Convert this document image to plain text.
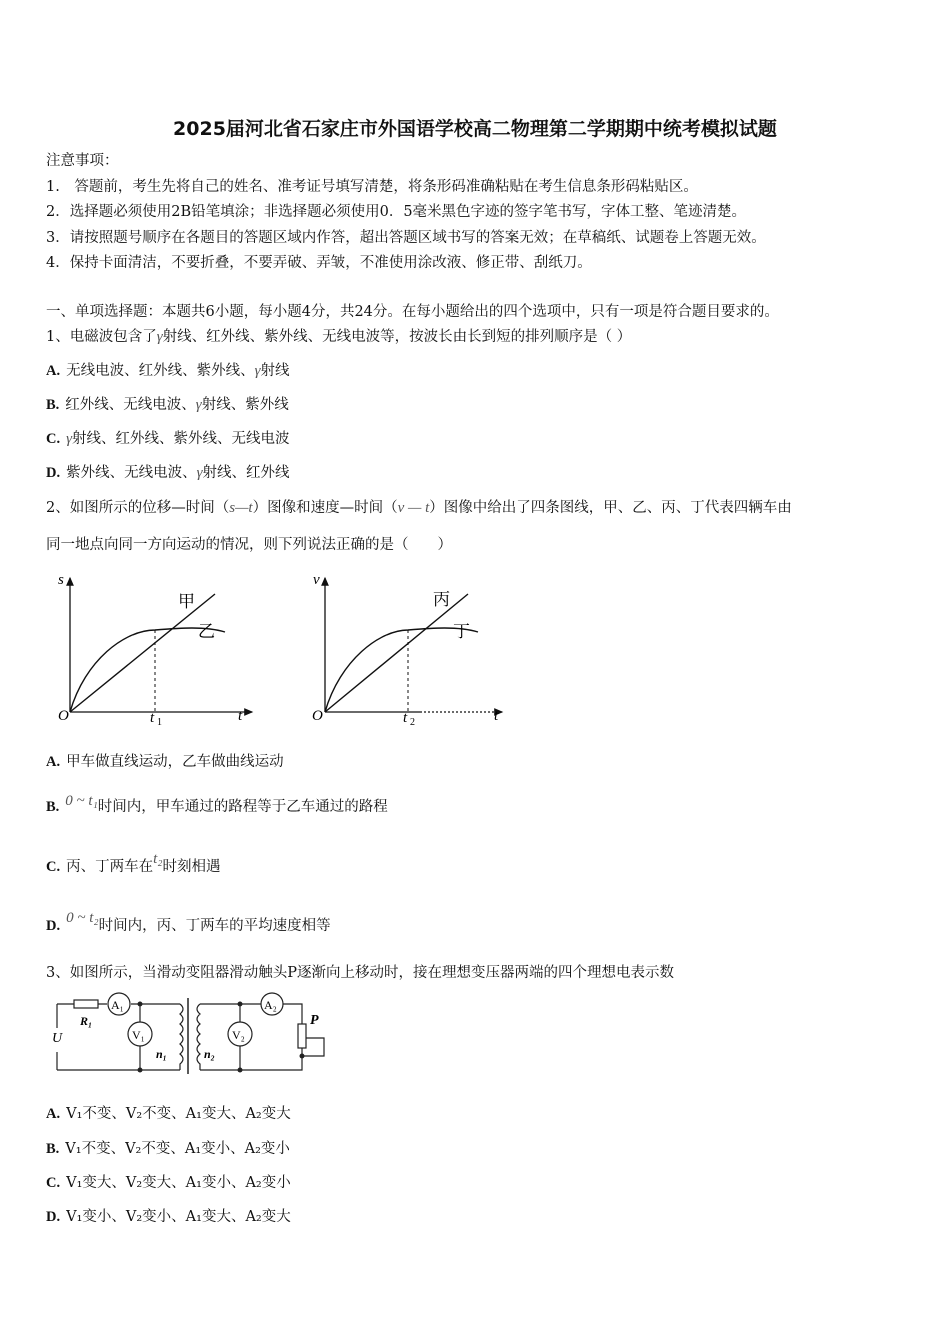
2025届河北省石家庄市外国语学校高二物理第二学期期中统考模拟试题
注意事项：
1.　答题前，考生先将自己的姓名、准考证号填写清楚，将条形码准确粘贴在考生信息条形码粘贴区。
2．选择题必须使用2B铅笔填涂；非选择题必须使用0．5毫米黑色字迹的签字笔书写，字体工整、笔迹清楚。
3．请按照题号顺序在各题目的答题区域内作答，超出答题区域书写的答案无效；在草稿纸、试题卷上答题无效。
4．保持卡面清洁，不要折叠，不要弄破、弄皱，不准使用涂改液、修正带、刮纸刀。
一、单项选择题：本题共6小题，每小题4分，共24分。在每小题给出的四个选项中，只有一项是符合题目要求的。
1、电磁波包含了γ射线、红外线、紫外线、无线电波等，按波长由长到短的排列顺序是（ ）
A. 无线电波、红外线、紫外线、γ射线
B. 红外线、无线电波、γ射线、紫外线
C. γ射线、红外线、紫外线、无线电波
D. 紫外线、无线电波、γ射线、红外线
2、如图所示的位移—时间（s—t）图像和速度—时间（v — t）图像中给出了四条图线，甲、乙、丙、丁代表四辆车由
同一地点向同一方向运动的情况，则下列说法正确的是（　　）
s
t
O	t 1
甲
乙
v
t
O	t 2
丙
丁
A. 甲车做直线运动，乙车做曲线运动
B. 0 ~ t₁时间内，甲车通过的路程等于乙车通过的路程
C. 丙、丁两车在t₂时刻相遇
D. 0 ~ t₂时间内，丙、丁两车的平均速度相等
3、如图所示，当滑动变阻器滑动触头P逐渐向上移动时，接在理想变压器两端的四个理想电表示数
U
R₁
A₁
V₁
n₁	n₂
V₂
A₂
P
A. V₁不变、V₂不变、A₁变大、A₂变大
B. V₁不变、V₂不变、A₁变小、A₂变小
C. V₁变大、V₂变大、A₁变小、A₂变小
D. V₁变小、V₂变小、A₁变大、A₂变大
